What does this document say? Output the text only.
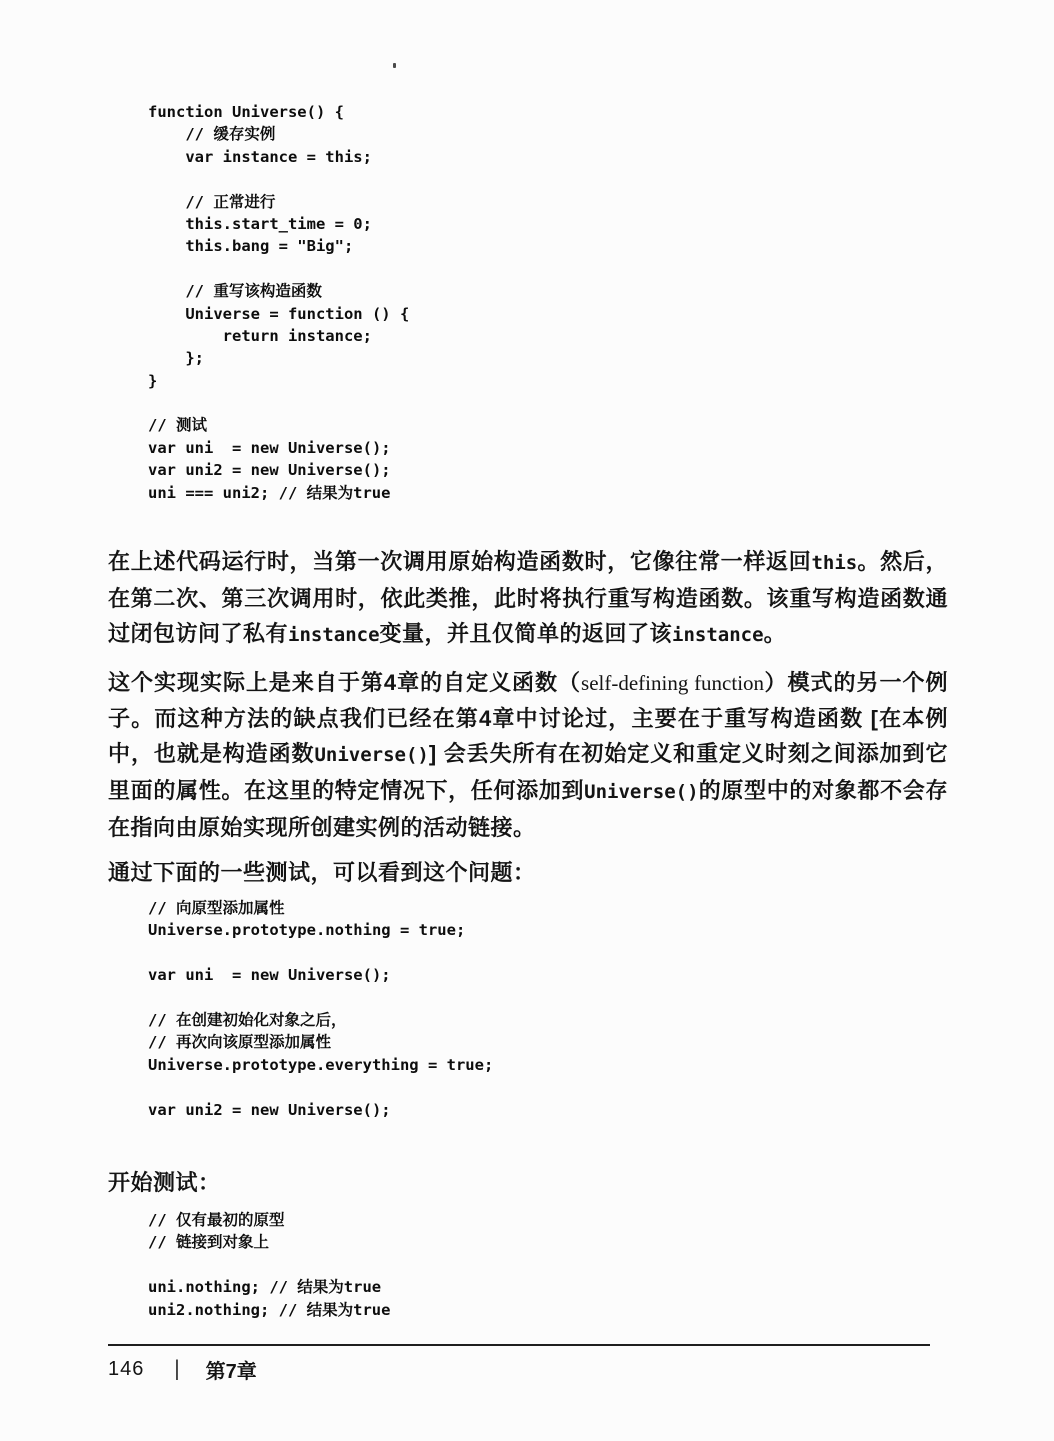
function Universe() {
// 缓存实例
var instance = this;
// 正常进行
this.start_time = 0;
this.bang = "Big";
// 重写该构造函数
Universe = function () {
return instance;
};
}
// 测试
var uni  = new Universe();
var uni2 = new Universe();
uni === uni2; // 结果为true

在上述代码运行时，当第一次调用原始构造函数时，它像往常一样返回this。然后，在第二次、第三次调用时，依此类推，此时将执行重写构造函数。该重写构造函数通过闭包访问了私有instance变量，并且仅简单的返回了该instance。

这个实现实际上是来自于第4章的自定义函数（self-defining function）模式的另一个例子。而这种方法的缺点我们已经在第4章中讨论过，主要在于重写构造函数 [在本例中，也就是构造函数Universe()] 会丢失所有在初始定义和重定义时刻之间添加到它里面的属性。在这里的特定情况下，任何添加到Universe()的原型中的对象都不会存在指向由原始实现所创建实例的活动链接。

通过下面的一些测试，可以看到这个问题：

// 向原型添加属性
Universe.prototype.nothing = true;
var uni  = new Universe();
// 在创建初始化对象之后，
// 再次向该原型添加属性
Universe.prototype.everything = true;
var uni2 = new Universe();

开始测试：

// 仅有最初的原型
// 链接到对象上
uni.nothing; // 结果为true
uni2.nothing; // 结果为true
146 | 第7章
